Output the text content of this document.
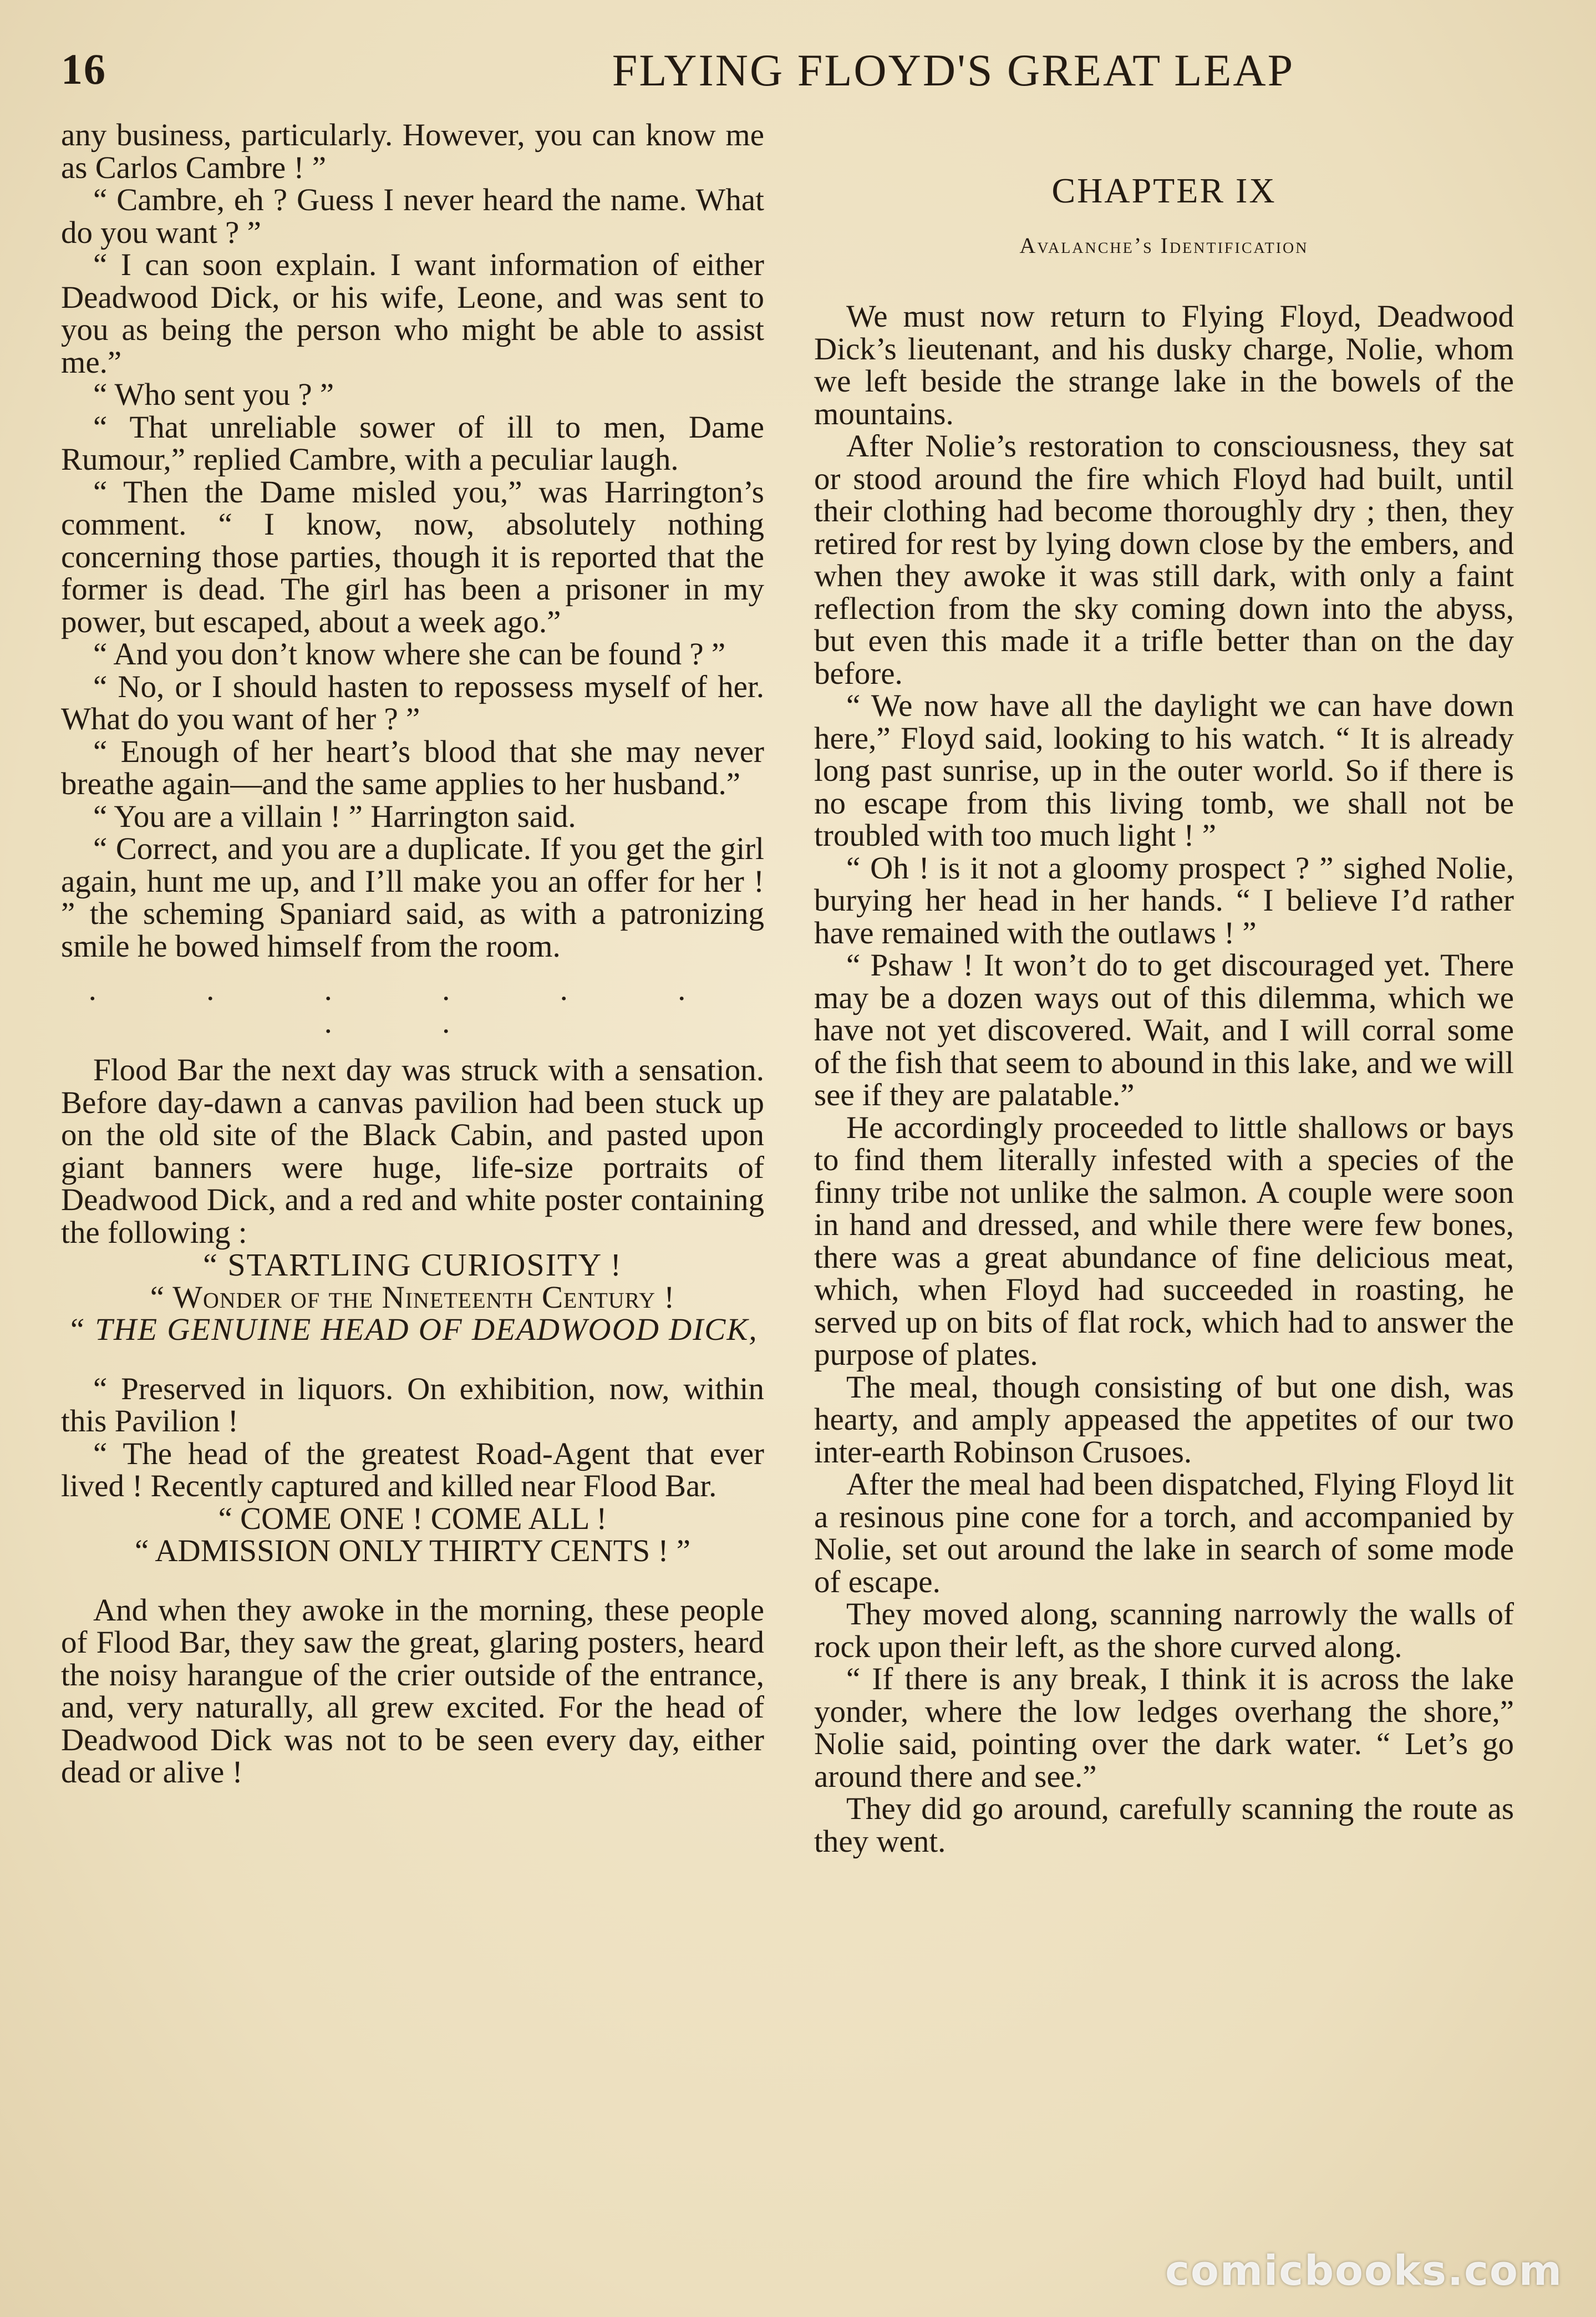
16	FLYING FLOYD'S GREAT LEAP

any business, particularly. However, you can know me as Carlos Cambre ! ”

“ Cambre, eh ? Guess I never heard the name. What do you want ? ”

“ I can soon explain. I want information of either Deadwood Dick, or his wife, Leone, and was sent to you as being the person who might be able to assist me.”

“ Who sent you ? ”

“ That unreliable sower of ill to men, Dame Rumour,” replied Cambre, with a peculiar laugh.

“ Then the Dame misled you,” was Harrington’s comment. “ I know, now, absolutely nothing concerning those parties, though it is reported that the former is dead. The girl has been a prisoner in my power, but escaped, about a week ago.”

“ And you don’t know where she can be found ? ”

“ No, or I should hasten to repossess myself of her. What do you want of her ? ”

“ Enough of her heart’s blood that she may never breathe again—and the same applies to her husband.”

“ You are a villain ! ” Harrington said.

“ Correct, and you are a duplicate. If you get the girl again, hunt me up, and I’ll make you an offer for her ! ” the scheming Spaniard said, as with a patronizing smile he bowed himself from the room.

. . . . . . . .

Flood Bar the next day was struck with a sensation. Before day-dawn a canvas pavilion had been stuck up on the old site of the Black Cabin, and pasted upon giant banners were huge, life-size portraits of Deadwood Dick, and a red and white poster containing the following :

“ STARTLING CURIOSITY !

“ Wonder of the Nineteenth Century !

“ THE GENUINE HEAD OF DEADWOOD DICK,

“ Preserved in liquors. On exhibition, now, within this Pavilion !

“ The head of the greatest Road-Agent that ever lived ! Recently captured and killed near Flood Bar.

“ COME ONE ! COME ALL !

“ ADMISSION ONLY THIRTY CENTS ! ”

And when they awoke in the morning, these people of Flood Bar, they saw the great, glaring posters, heard the noisy harangue of the crier outside of the entrance, and, very naturally, all grew excited. For the head of Deadwood Dick was not to be seen every day, either dead or alive !

CHAPTER IX
Avalanche’s Identification

We must now return to Flying Floyd, Deadwood Dick’s lieutenant, and his dusky charge, Nolie, whom we left beside the strange lake in the bowels of the mountains.

After Nolie’s restoration to consciousness, they sat or stood around the fire which Floyd had built, until their clothing had become thoroughly dry ; then, they retired for rest by lying down close by the embers, and when they awoke it was still dark, with only a faint reflection from the sky coming down into the abyss, but even this made it a trifle better than on the day before.

“ We now have all the daylight we can have down here,” Floyd said, looking to his watch. “ It is already long past sunrise, up in the outer world. So if there is no escape from this living tomb, we shall not be troubled with too much light ! ”

“ Oh ! is it not a gloomy prospect ? ” sighed Nolie, burying her head in her hands. “ I believe I’d rather have remained with the outlaws ! ”

“ Pshaw ! It won’t do to get discouraged yet. There may be a dozen ways out of this dilemma, which we have not yet discovered. Wait, and I will corral some of the fish that seem to abound in this lake, and we will see if they are palatable.”

He accordingly proceeded to little shallows or bays to find them literally infested with a species of the finny tribe not unlike the salmon. A couple were soon in hand and dressed, and while there were few bones, there was a great abundance of fine delicious meat, which, when Floyd had succeeded in roasting, he served up on bits of flat rock, which had to answer the purpose of plates.

The meal, though consisting of but one dish, was hearty, and amply appeased the appetites of our two inter-earth Robinson Crusoes.

After the meal had been dispatched, Flying Floyd lit a resinous pine cone for a torch, and accompanied by Nolie, set out around the lake in search of some mode of escape.

They moved along, scanning narrowly the walls of rock upon their left, as the shore curved along.

“ If there is any break, I think it is across the lake yonder, where the low ledges overhang the shore,” Nolie said, pointing over the dark water. “ Let’s go around there and see.”

They did go around, carefully scanning the route as they went.

comicbooks.com
